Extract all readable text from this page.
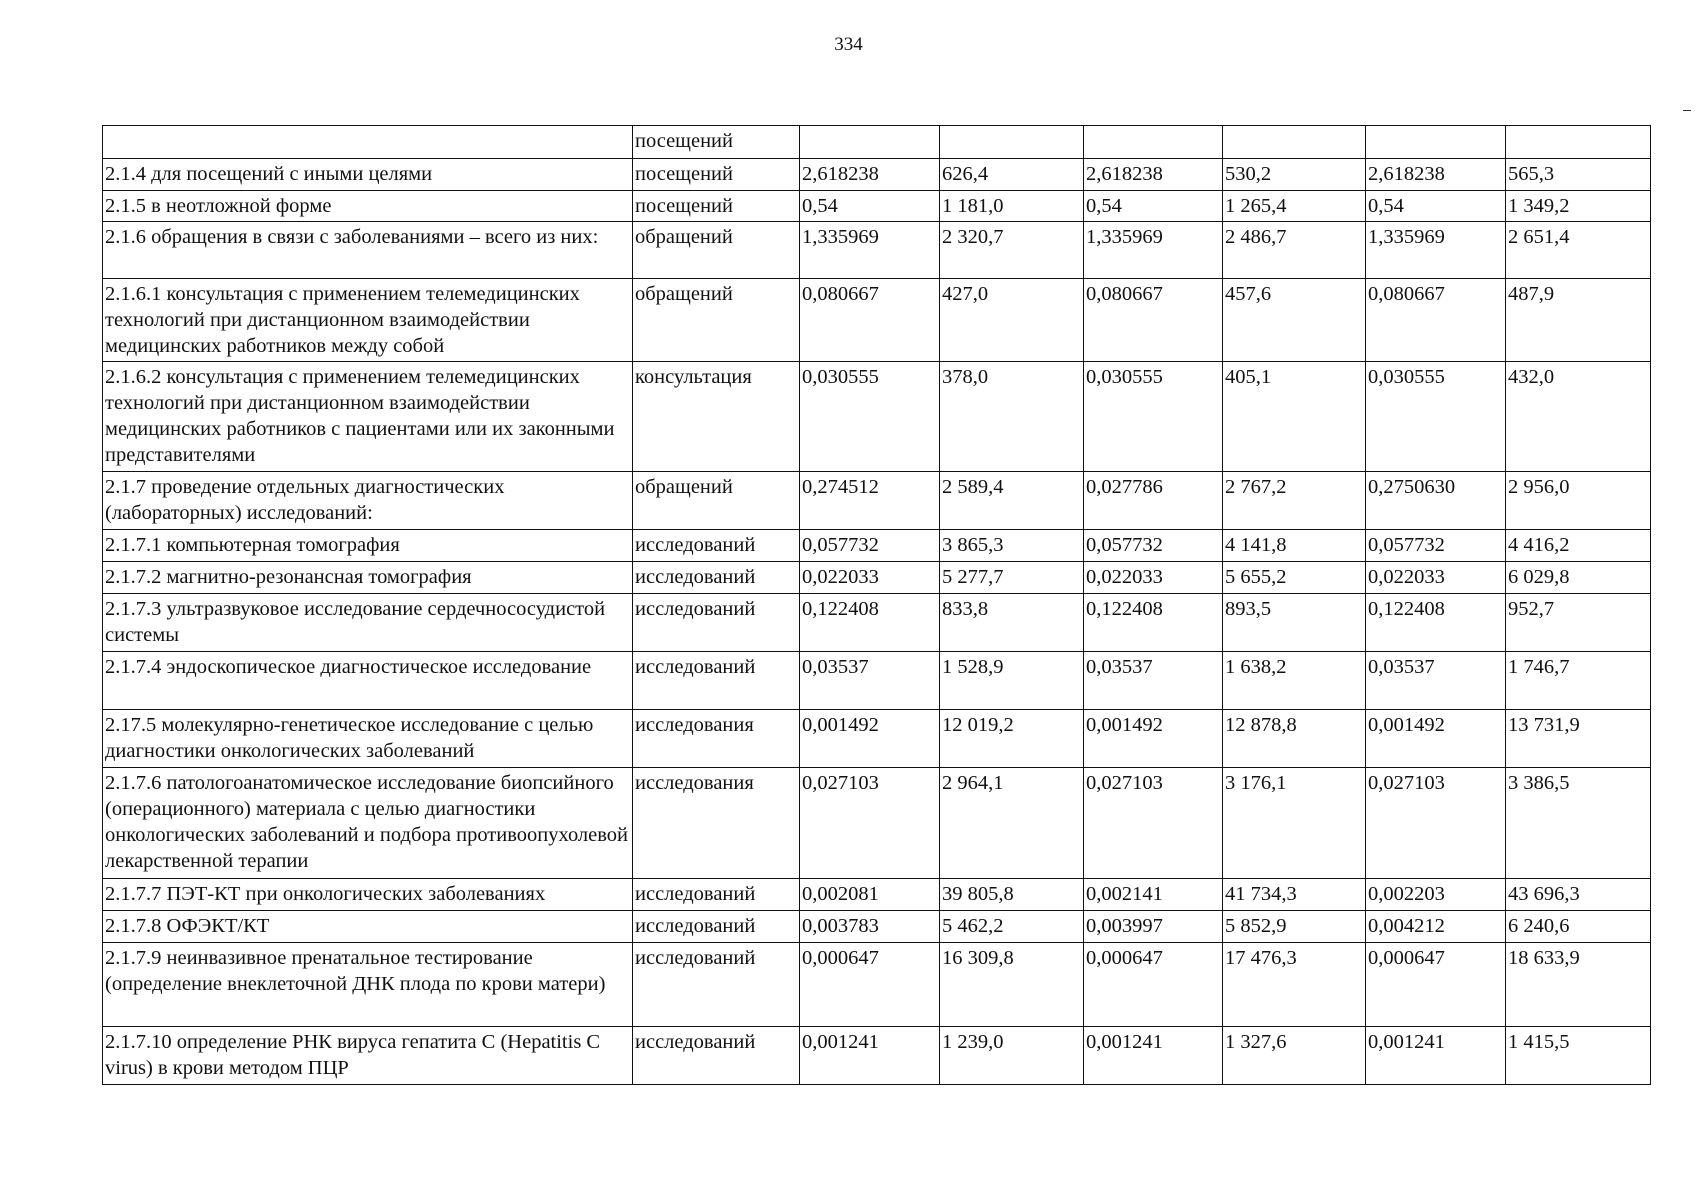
334
	посещений						
2.1.4 для посещений с иными целями	посещений	2,618238	626,4	2,618238	530,2	2,618238	565,3
2.1.5 в неотложной форме	посещений	0,54	1 181,0	0,54	1 265,4	0,54	1 349,2
2.1.6 обращения в связи с заболеваниями – всего из них:	обращений	1,335969	2 320,7	1,335969	2 486,7	1,335969	2 651,4
2.1.6.1 консультация с применением телемедицинских технологий при дистанционном взаимодействии медицинских работников между собой	обращений	0,080667	427,0	0,080667	457,6	0,080667	487,9
2.1.6.2 консультация с применением телемедицинских технологий при дистанционном взаимодействии медицинских работников с пациентами или их законными представителями	консультация	0,030555	378,0	0,030555	405,1	0,030555	432,0
2.1.7 проведение отдельных диагностических (лабораторных) исследований:	обращений	0,274512	2 589,4	0,027786	2 767,2	0,2750630	2 956,0
2.1.7.1 компьютерная томография	исследований	0,057732	3 865,3	0,057732	4 141,8	0,057732	4 416,2
2.1.7.2 магнитно-резонансная томография	исследований	0,022033	5 277,7	0,022033	5 655,2	0,022033	6 029,8
2.1.7.3 ультразвуковое исследование сердечнососудистой системы	исследований	0,122408	833,8	0,122408	893,5	0,122408	952,7
2.1.7.4 эндоскопическое диагностическое исследование	исследований	0,03537	1 528,9	0,03537	1 638,2	0,03537	1 746,7
2.17.5 молекулярно-генетическое исследование с целью диагностики онкологических заболеваний	исследования	0,001492	12 019,2	0,001492	12 878,8	0,001492	13 731,9
2.1.7.6 патологоанатомическое исследование биопсийного (операционного) материала с целью диагностики онкологических заболеваний и подбора противоопухолевой лекарственной терапии	исследования	0,027103	2 964,1	0,027103	3 176,1	0,027103	3 386,5
2.1.7.7 ПЭТ-КТ при онкологических заболеваниях	исследований	0,002081	39 805,8	0,002141	41 734,3	0,002203	43 696,3
2.1.7.8 ОФЭКТ/КТ	исследований	0,003783	5 462,2	0,003997	5 852,9	0,004212	6 240,6
2.1.7.9 неинвазивное пренатальное тестирование (определение внеклеточной ДНК плода по крови матери)	исследований	0,000647	16 309,8	0,000647	17 476,3	0,000647	18 633,9
2.1.7.10 определение РНК вируса гепатита С (Hepatitis C virus) в крови методом ПЦР	исследований	0,001241	1 239,0	0,001241	1 327,6	0,001241	1 415,5
